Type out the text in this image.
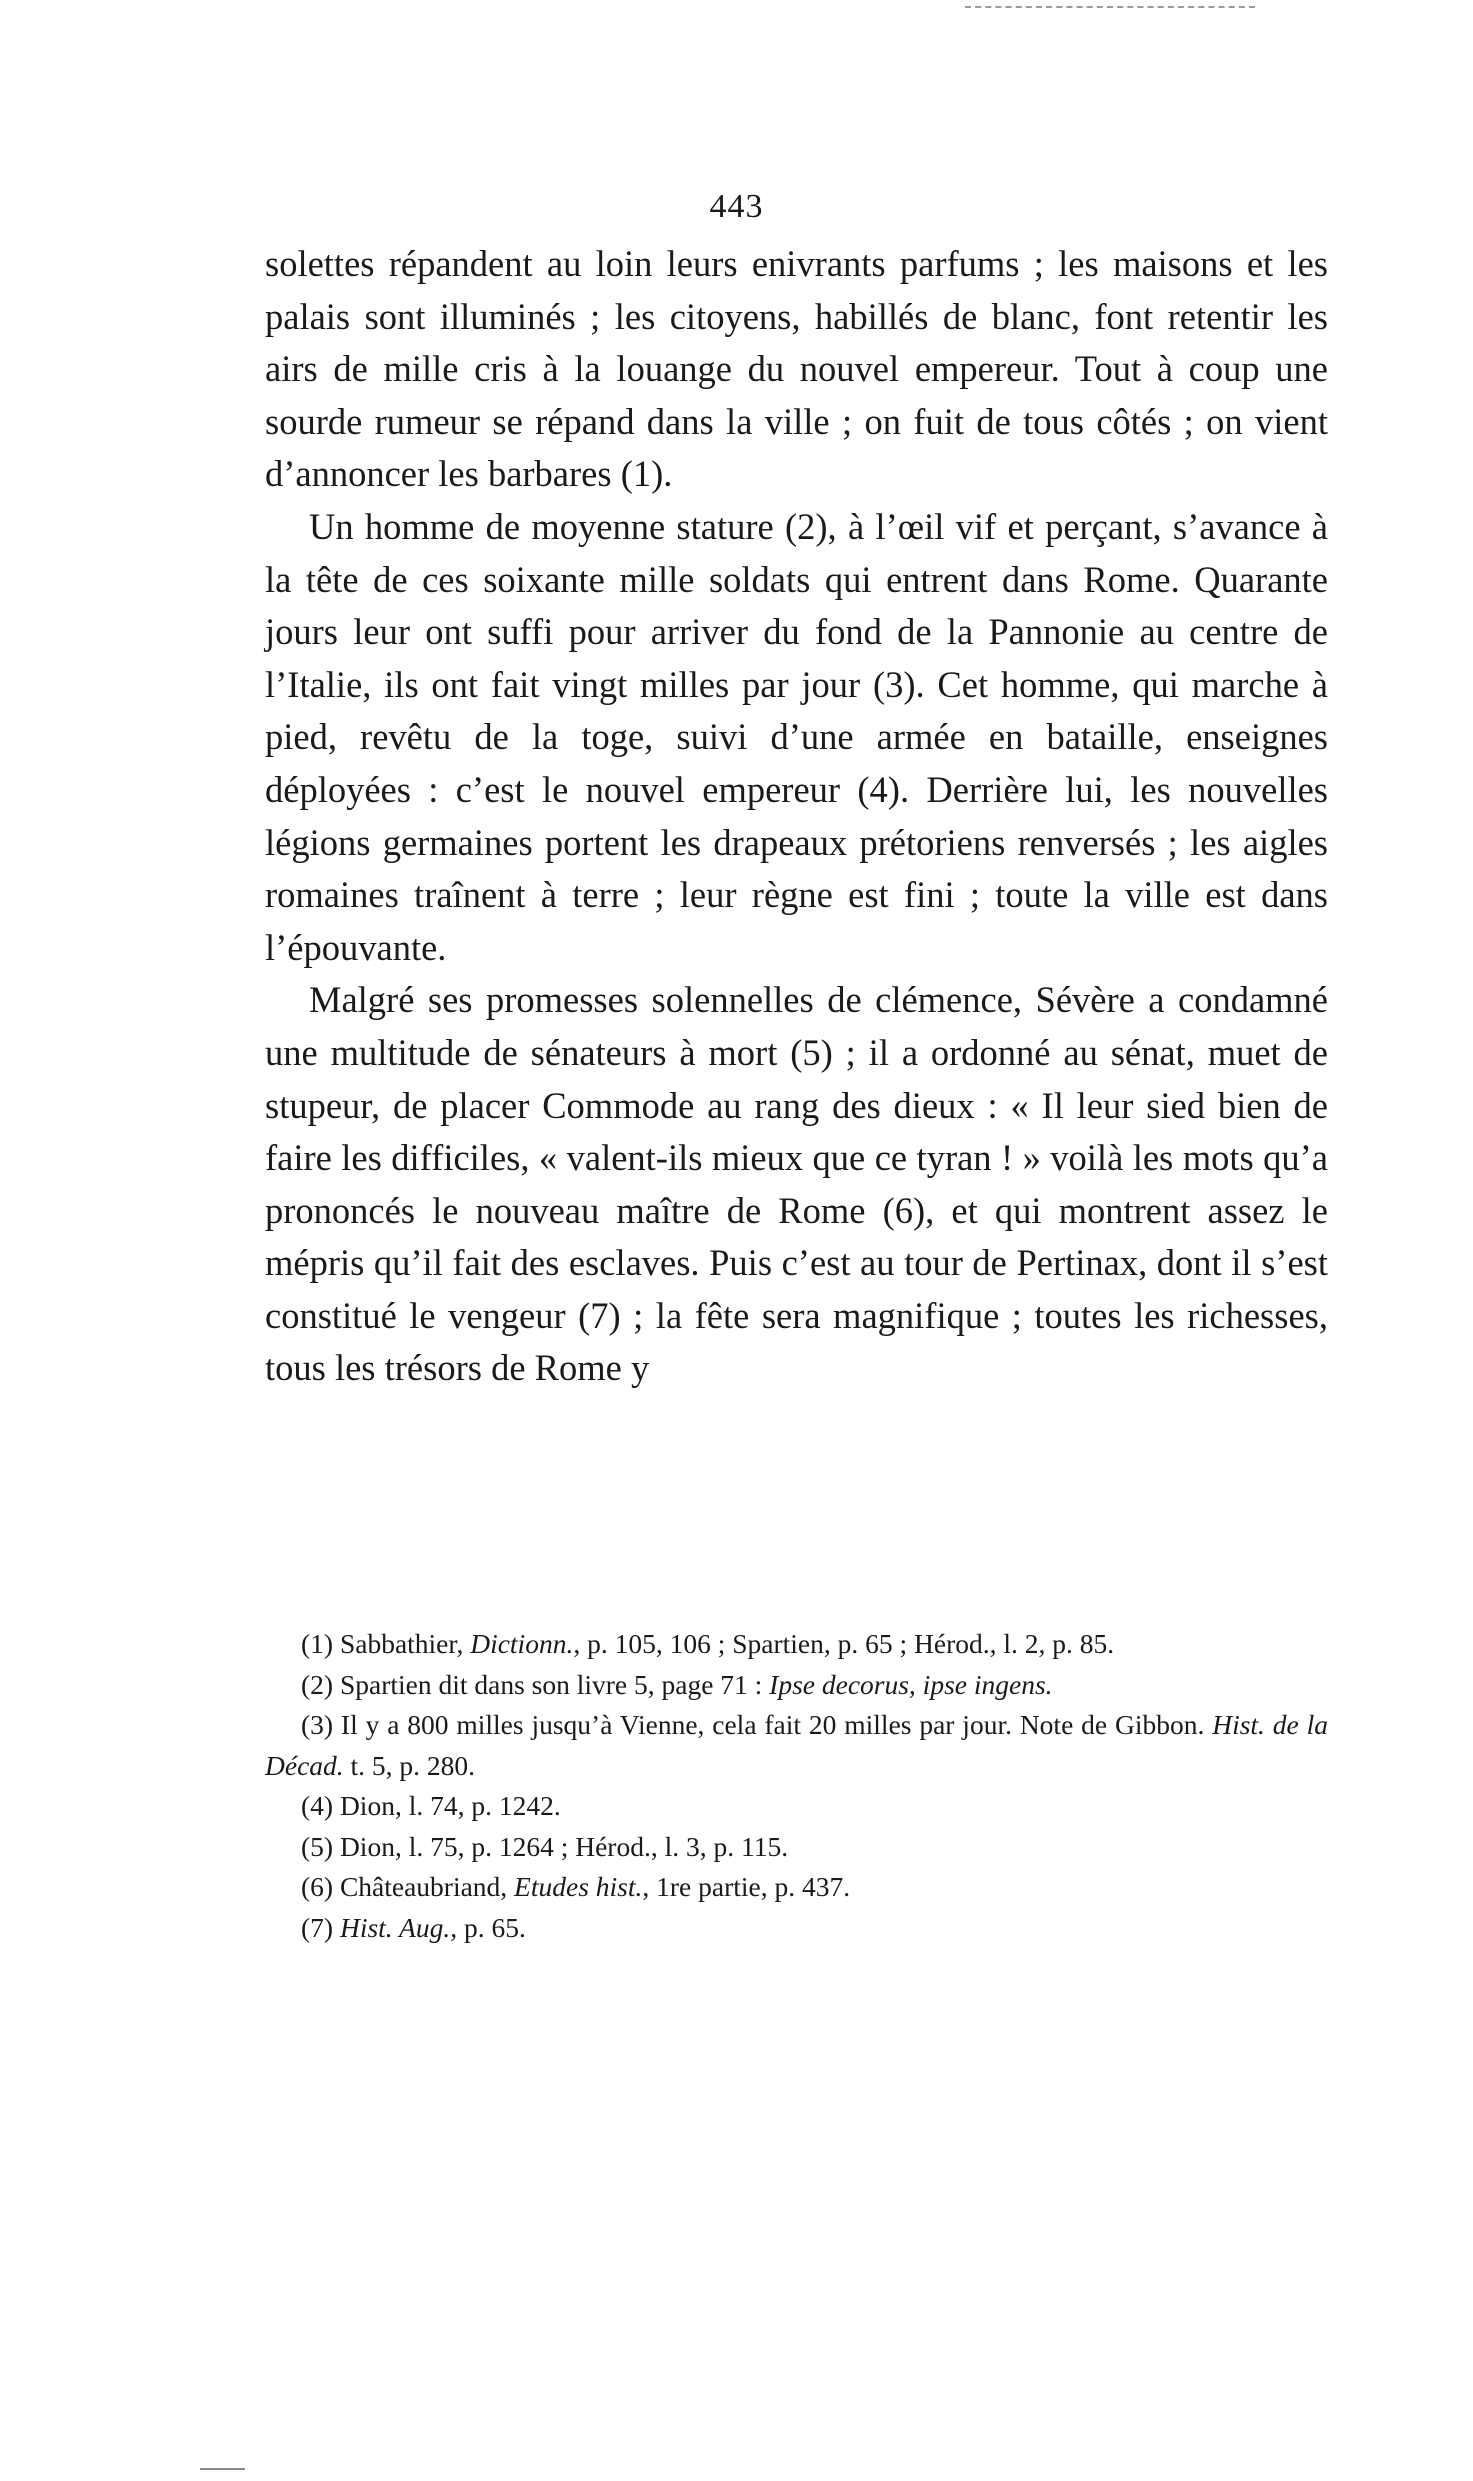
443

solettes répandent au loin leurs enivrants parfums ; les maisons et les palais sont illuminés ; les citoyens, habillés de blanc, font retentir les airs de mille cris à la louange du nouvel empereur. Tout à coup une sourde rumeur se répand dans la ville ; on fuit de tous côtés ; on vient d’annoncer les barbares (1).

Un homme de moyenne stature (2), à l’œil vif et perçant, s’avance à la tête de ces soixante mille soldats qui entrent dans Rome. Quarante jours leur ont suffi pour arriver du fond de la Pannonie au centre de l’Italie, ils ont fait vingt milles par jour (3). Cet homme, qui marche à pied, revêtu de la toge, suivi d’une armée en bataille, enseignes déployées : c’est le nouvel empereur (4). Derrière lui, les nouvelles légions germaines portent les drapeaux prétoriens renversés ; les aigles romaines traînent à terre ; leur règne est fini ; toute la ville est dans l’épouvante.

Malgré ses promesses solennelles de clémence, Sévère a condamné une multitude de sénateurs à mort (5) ; il a ordonné au sénat, muet de stupeur, de placer Commode au rang des dieux : « Il leur sied bien de faire les difficiles, « valent-ils mieux que ce tyran ! » voilà les mots qu’a prononcés le nouveau maître de Rome (6), et qui montrent assez le mépris qu’il fait des esclaves. Puis c’est au tour de Pertinax, dont il s’est constitué le vengeur (7) ; la fête sera magnifique ; toutes les richesses, tous les trésors de Rome y

(1) Sabbathier, Dictionn., p. 105, 106 ; Spartien, p. 65 ; Hérod., l. 2, p. 85.

(2) Spartien dit dans son livre 5, page 71 : Ipse decorus, ipse ingens.

(3) Il y a 800 milles jusqu’à Vienne, cela fait 20 milles par jour. Note de Gibbon. Hist. de la Décad. t. 5, p. 280.

(4) Dion, l. 74, p. 1242.

(5) Dion, l. 75, p. 1264 ; Hérod., l. 3, p. 115.

(6) Châteaubriand, Etudes hist., 1re partie, p. 437.

(7) Hist. Aug., p. 65.
